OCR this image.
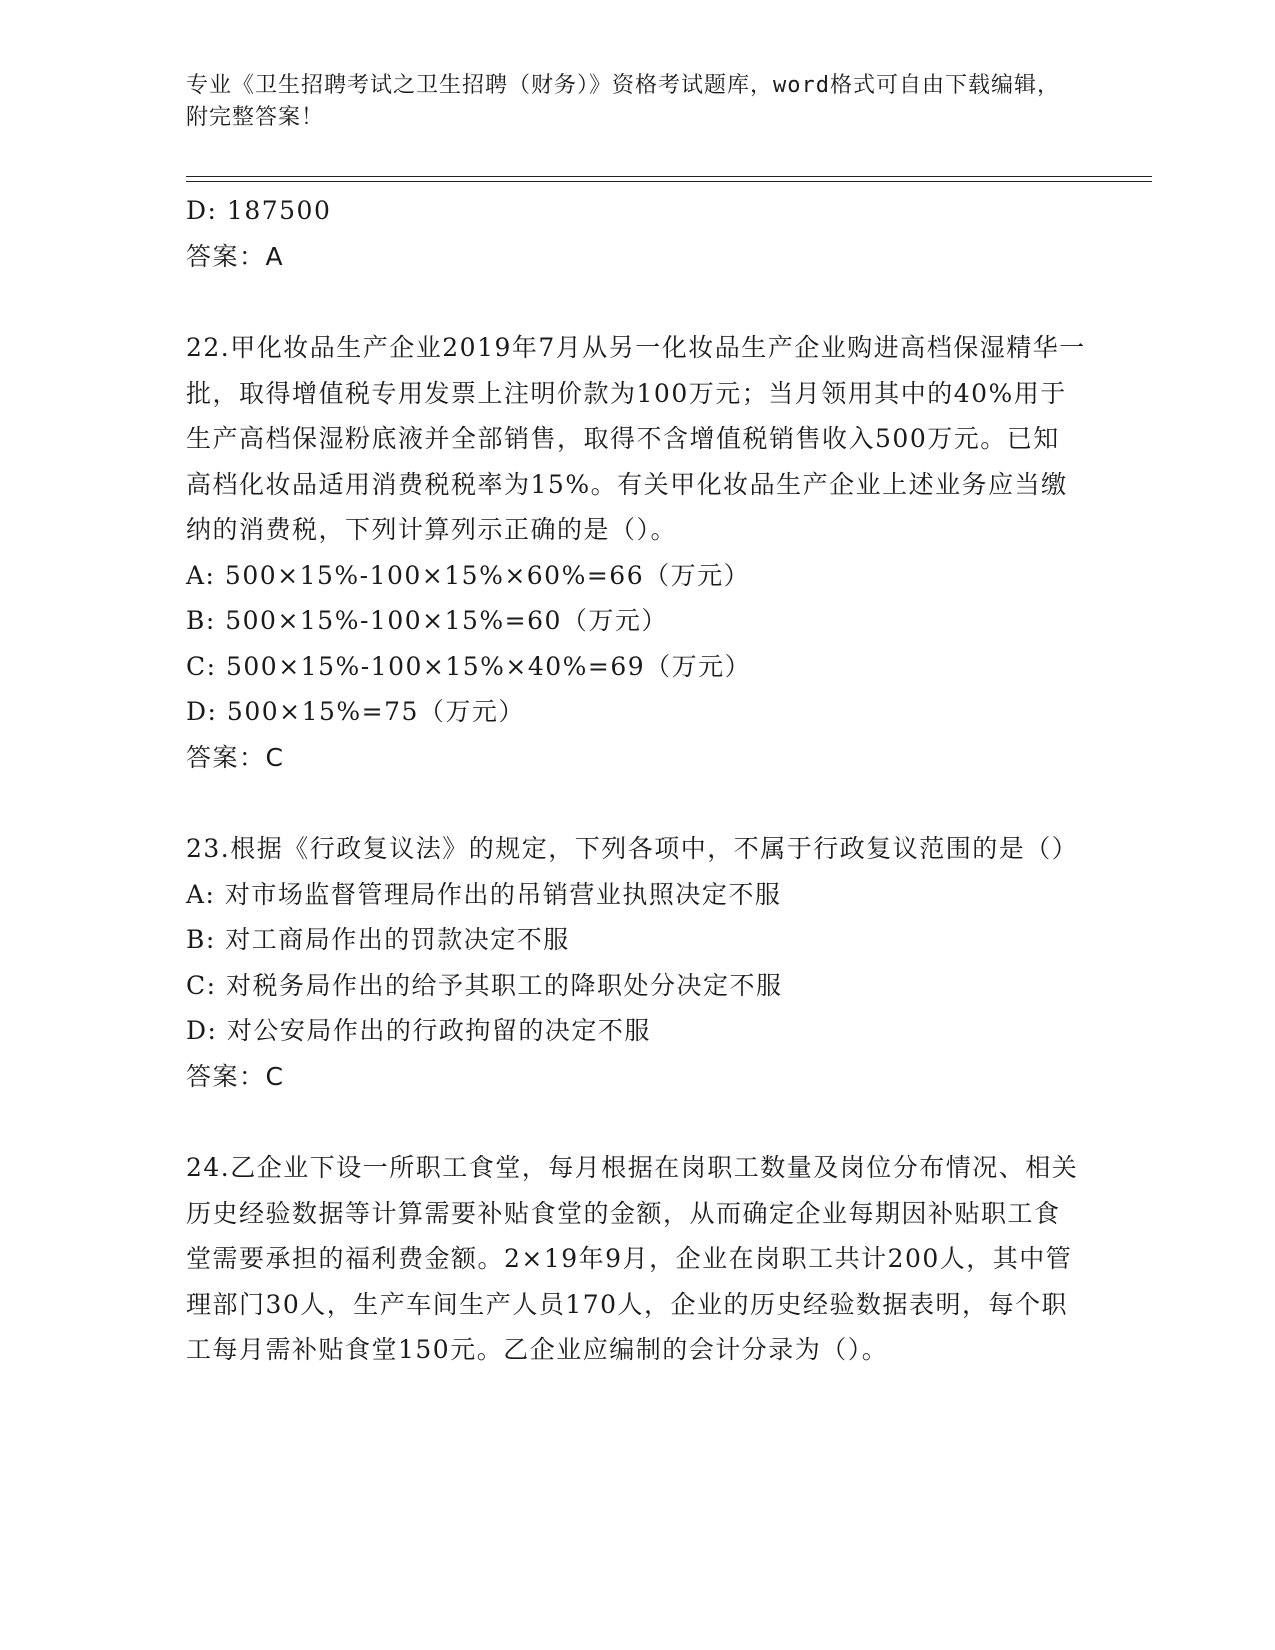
专业《卫生招聘考试之卫生招聘（财务）》资格考试题库，word格式可自由下载编辑，附完整答案！

D: 187500

答案：A

22.甲化妆品生产企业2019年7月从另一化妆品生产企业购进高档保湿精华一批，取得增值税专用发票上注明价款为100万元；当月领用其中的40%用于生产高档保湿粉底液并全部销售，取得不含增值税销售收入500万元。已知高档化妆品适用消费税税率为15%。有关甲化妆品生产企业上述业务应当缴纳的消费税，下列计算列示正确的是（）。

A: 500×15%-100×15%×60%=66（万元）

B: 500×15%-100×15%=60（万元）

C: 500×15%-100×15%×40%=69（万元）

D: 500×15%=75（万元）

答案：C

23.根据《行政复议法》的规定，下列各项中，不属于行政复议范围的是（）

A: 对市场监督管理局作出的吊销营业执照决定不服

B: 对工商局作出的罚款决定不服

C: 对税务局作出的给予其职工的降职处分决定不服

D: 对公安局作出的行政拘留的决定不服

答案：C

24.乙企业下设一所职工食堂，每月根据在岗职工数量及岗位分布情况、相关历史经验数据等计算需要补贴食堂的金额，从而确定企业每期因补贴职工食堂需要承担的福利费金额。2×19年9月，企业在岗职工共计200人，其中管理部门30人，生产车间生产人员170人，企业的历史经验数据表明，每个职工每月需补贴食堂150元。乙企业应编制的会计分录为（）。
